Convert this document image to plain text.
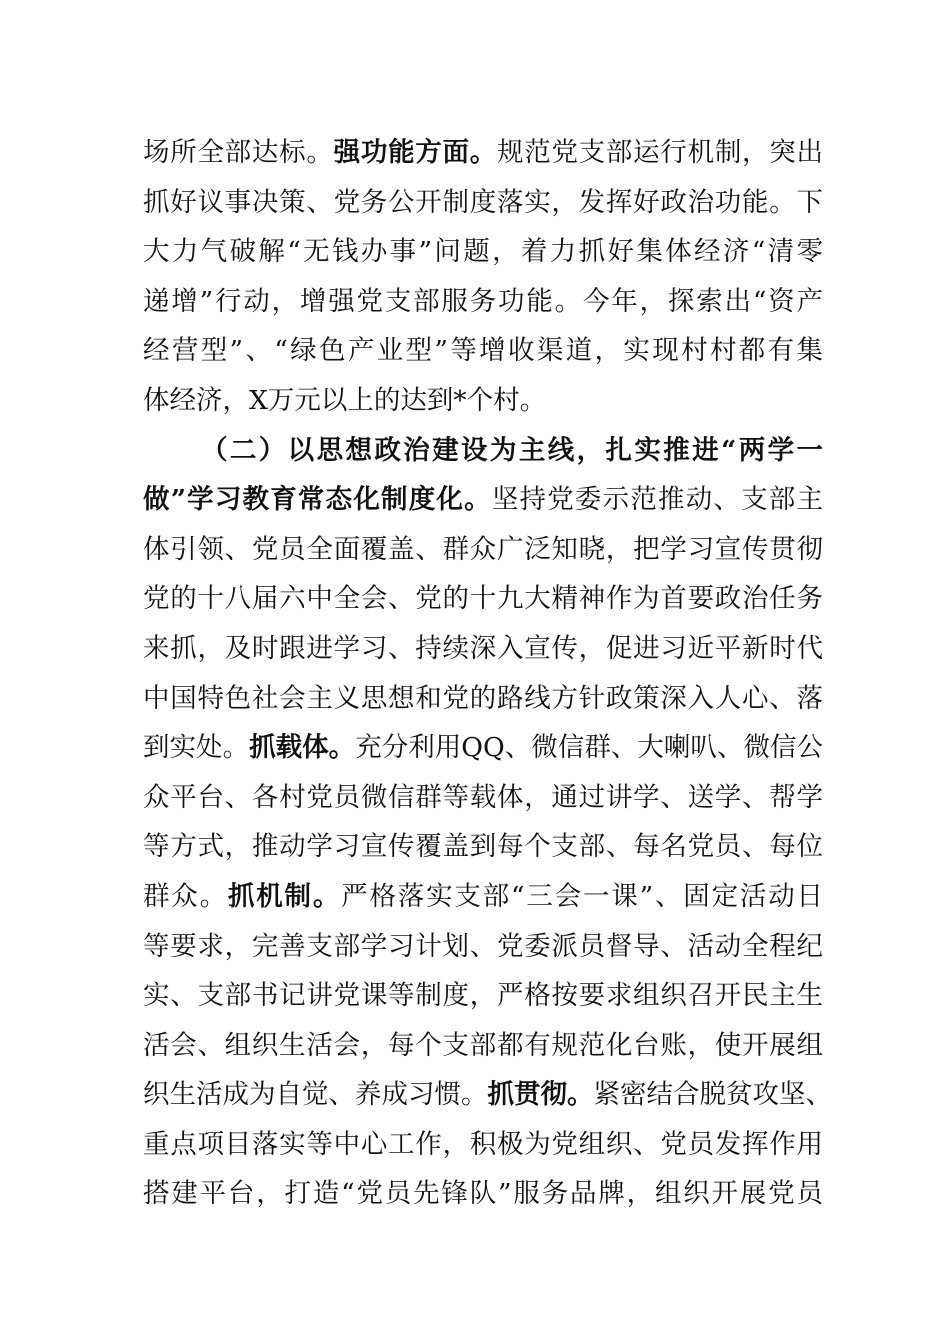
场所全部达标。强功能方面。规范党支部运行机制，突出
抓好议事决策、党务公开制度落实，发挥好政治功能。下
大力气破解“无钱办事”问题，着力抓好集体经济“清零
递增”行动，增强党支部服务功能。今年，探索出“资产
经营型”、“绿色产业型”等增收渠道，实现村村都有集
体经济，X万元以上的达到*个村。
（二）以思想政治建设为主线，扎实推进“两学一
做”学习教育常态化制度化。坚持党委示范推动、支部主
体引领、党员全面覆盖、群众广泛知晓，把学习宣传贯彻
党的十八届六中全会、党的十九大精神作为首要政治任务
来抓，及时跟进学习、持续深入宣传，促进习近平新时代
中国特色社会主义思想和党的路线方针政策深入人心、落
到实处。抓载体。充分利用QQ、微信群、大喇叭、微信公
众平台、各村党员微信群等载体，通过讲学、送学、帮学
等方式，推动学习宣传覆盖到每个支部、每名党员、每位
群众。抓机制。严格落实支部“三会一课”、固定活动日
等要求，完善支部学习计划、党委派员督导、活动全程纪
实、支部书记讲党课等制度，严格按要求组织召开民主生
活会、组织生活会，每个支部都有规范化台账，使开展组
织生活成为自觉、养成习惯。抓贯彻。紧密结合脱贫攻坚、
重点项目落实等中心工作，积极为党组织、党员发挥作用
搭建平台，打造“党员先锋队”服务品牌，组织开展党员
